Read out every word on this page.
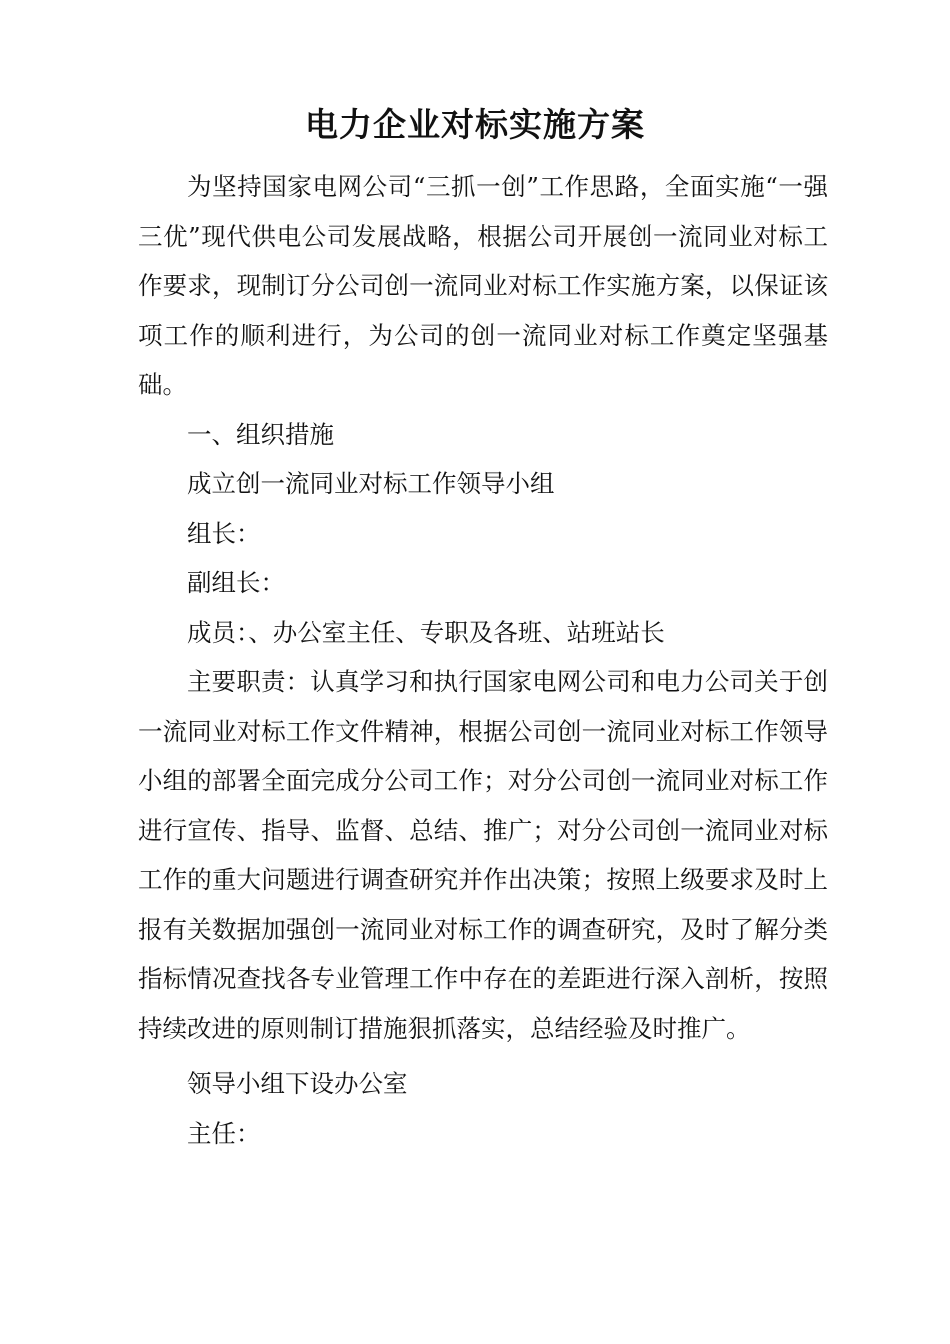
电力企业对标实施方案

为坚持国家电网公司“三抓一创”工作思路，全面实施“一强三优”现代供电公司发展战略，根据公司开展创一流同业对标工作要求，现制订分公司创一流同业对标工作实施方案，以保证该项工作的顺利进行，为公司的创一流同业对标工作奠定坚强基础。

一、组织措施

成立创一流同业对标工作领导小组

组长：

副组长：

成员：、办公室主任、专职及各班、站班站长

主要职责：认真学习和执行国家电网公司和电力公司关于创一流同业对标工作文件精神，根据公司创一流同业对标工作领导小组的部署全面完成分公司工作；对分公司创一流同业对标工作进行宣传、指导、监督、总结、推广；对分公司创一流同业对标工作的重大问题进行调查研究并作出决策；按照上级要求及时上报有关数据加强创一流同业对标工作的调查研究，及时了解分类指标情况查找各专业管理工作中存在的差距进行深入剖析，按照持续改进的原则制订措施狠抓落实，总结经验及时推广。

领导小组下设办公室

主任：
